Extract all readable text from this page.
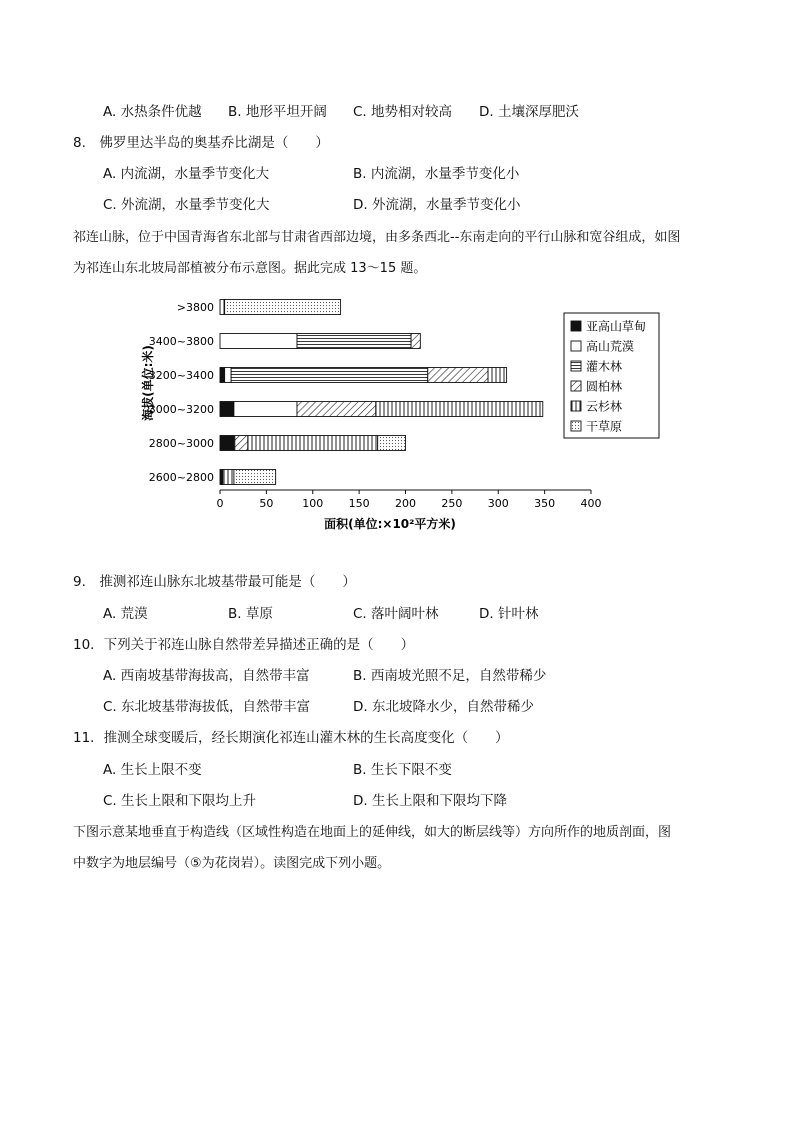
A. 水热条件优越 B. 地形平坦开阔 C. 地势相对较高 D. 土壤深厚肥沃
8.　佛罗里达半岛的奥基乔比湖是（　　）
A. 内流湖，水量季节变化大	B. 内流湖，水量季节变化小
C. 外流湖，水量季节变化大	D. 外流湖，水量季节变化小
祁连山脉，位于中国青海省东北部与甘肃省西部边境，由多条西北--东南走向的平行山脉和宽谷组成，如图
为祁连山东北坡局部植被分布示意图。据此完成 13～15 题。
>3800
3400~3800
3200~3400
3000~3200
2800~3000
2600~2800
0	50	100 150 200 250 300 350 400
面积(单位:×10²平方米)
海拔(单位:米)
亚高山草甸
高山荒漠
灌木林
圆柏林
云杉林
干草原
9.　推测祁连山脉东北坡基带最可能是（　　）
A. 荒漠	B. 草原	C. 落叶阔叶林	D. 针叶林
10．下列关于祁连山脉自然带差异描述正确的是（　　）
A. 西南坡基带海拔高，自然带丰富	B. 西南坡光照不足，自然带稀少
C. 东北坡基带海拔低，自然带丰富	D. 东北坡降水少，自然带稀少
11．推测全球变暖后，经长期演化祁连山灌木林的生长高度变化（　　）
A. 生长上限不变	B. 生长下限不变
C. 生长上限和下限均上升	D. 生长上限和下限均下降
下图示意某地垂直于构造线（区域性构造在地面上的延伸线，如大的断层线等）方向所作的地质剖面，图
中数字为地层编号（⑤为花岗岩）。读图完成下列小题。
